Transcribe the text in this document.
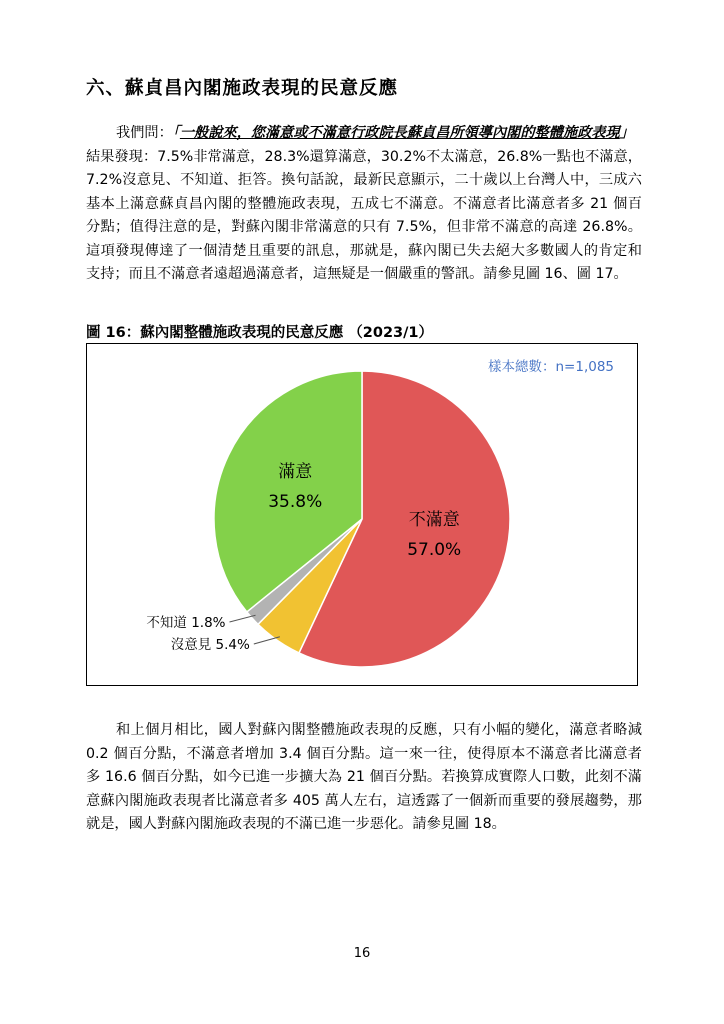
六、蘇貞昌內閣施政表現的民意反應
我們問：「一般說來，您滿意或不滿意行政院長蘇貞昌所領導內閣的整體施政表現」
結果發現：7.5%非常滿意，28.3%還算滿意，30.2%不太滿意，26.8%一點也不滿意，
7.2%沒意見、不知道、拒答。換句話說，最新民意顯示，二十歲以上台灣人中，三成六
基本上滿意蘇貞昌內閣的整體施政表現，五成七不滿意。不滿意者比滿意者多 21 個百
分點；值得注意的是，對蘇內閣非常滿意的只有 7.5%，但非常不滿意的高達 26.8%。
這項發現傳達了一個清楚且重要的訊息，那就是，蘇內閣已失去絕大多數國人的肯定和
支持；而且不滿意者遠超過滿意者，這無疑是一個嚴重的警訊。請參見圖 16、圖 17。
圖 16：蘇內閣整體施政表現的民意反應 （2023/1）
不滿意
57.0%
滿意
35.8%
沒意見 5.4%
不知道 1.8%
樣本總數：n=1,085
和上個月相比，國人對蘇內閣整體施政表現的反應，只有小幅的變化，滿意者略減
0.2 個百分點，不滿意者增加 3.4 個百分點。這一來一往，使得原本不滿意者比滿意者
多 16.6 個百分點，如今已進一步擴大為 21 個百分點。若換算成實際人口數，此刻不滿
意蘇內閣施政表現者比滿意者多 405 萬人左右，這透露了一個新而重要的發展趨勢，那
就是，國人對蘇內閣施政表現的不滿已進一步惡化。請參見圖 18。
16
